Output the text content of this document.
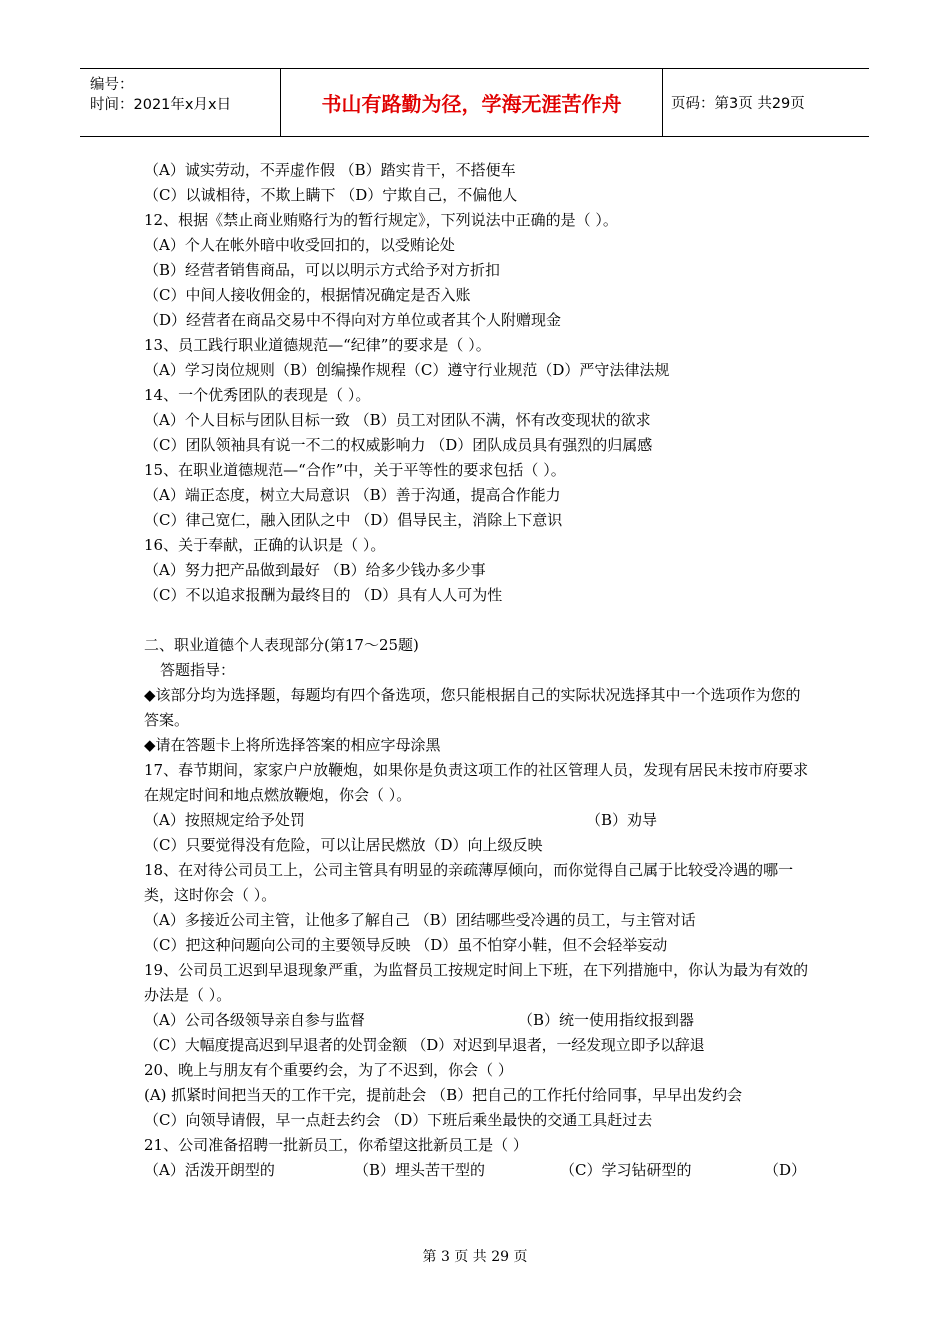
编号：
时间：2021年x月x日	书山有路勤为径，学海无涯苦作舟	页码：第3页 共29页
（A）诚实劳动，不弄虚作假 （B）踏实肯干，不搭便车
（C）以诚相待，不欺上瞒下 （D）宁欺自己，不偏他人
12、根据《禁止商业贿赂行为的暂行规定》，下列说法中正确的是（ ）。
（A）个人在帐外暗中收受回扣的，以受贿论处
（B）经营者销售商品，可以以明示方式给予对方折扣
（C）中间人接收佣金的，根据情况确定是否入账
（D）经营者在商品交易中不得向对方单位或者其个人附赠现金
13、员工践行职业道德规范—“纪律”的要求是（ ）。
（A）学习岗位规则（B）创编操作规程（C）遵守行业规范（D）严守法律法规
14、一个优秀团队的表现是（ ）。
（A）个人目标与团队目标一致 （B）员工对团队不满，怀有改变现状的欲求
（C）团队领袖具有说一不二的权威影响力 （D）团队成员具有强烈的归属感
15、在职业道德规范—“合作”中，关于平等性的要求包括（ ）。
（A）端正态度，树立大局意识 （B）善于沟通，提高合作能力
（C）律己宽仁，融入团队之中 （D）倡导民主，消除上下意识
16、关于奉献，正确的认识是（ ）。
（A）努力把产品做到最好 （B）给多少钱办多少事
（C）不以追求报酬为最终目的 （D）具有人人可为性
二、职业道德个人表现部分(第17～25题)
答题指导：
◆该部分均为选择题，每题均有四个备选项，您只能根据自己的实际状况选择其中一个选项作为您的答案。
◆请在答题卡上将所选择答案的相应字母涂黑
17、春节期间，家家户户放鞭炮，如果你是负责这项工作的社区管理人员，发现有居民未按市府要求在规定时间和地点燃放鞭炮，你会（ ）。
（A）按照规定给予处罚	（B）劝导
（C）只要觉得没有危险，可以让居民燃放（D）向上级反映
18、在对待公司员工上，公司主管具有明显的亲疏薄厚倾向，而你觉得自己属于比较受冷遇的哪一类，这时你会（ ）。
（A）多接近公司主管，让他多了解自己 （B）团结哪些受冷遇的员工，与主管对话
（C）把这种问题向公司的主要领导反映 （D）虽不怕穿小鞋，但不会轻举妄动
19、公司员工迟到早退现象严重，为监督员工按规定时间上下班，在下列措施中，你认为最为有效的办法是（ ）。
（A）公司各级领导亲自参与监督	（B）统一使用指纹报到器
（C）大幅度提高迟到早退者的处罚金额 （D）对迟到早退者，一经发现立即予以辞退
20、晚上与朋友有个重要约会，为了不迟到，你会（ ）
(A) 抓紧时间把当天的工作干完，提前赴会 （B）把自己的工作托付给同事，早早出发约会
（C）向领导请假，早一点赶去约会 （D）下班后乘坐最快的交通工具赶过去
21、公司准备招聘一批新员工，你希望这批新员工是（ ）
（A）活泼开朗型的	（B）埋头苦干型的	（C）学习钻研型的	（D）
第 3 页 共 29 页
